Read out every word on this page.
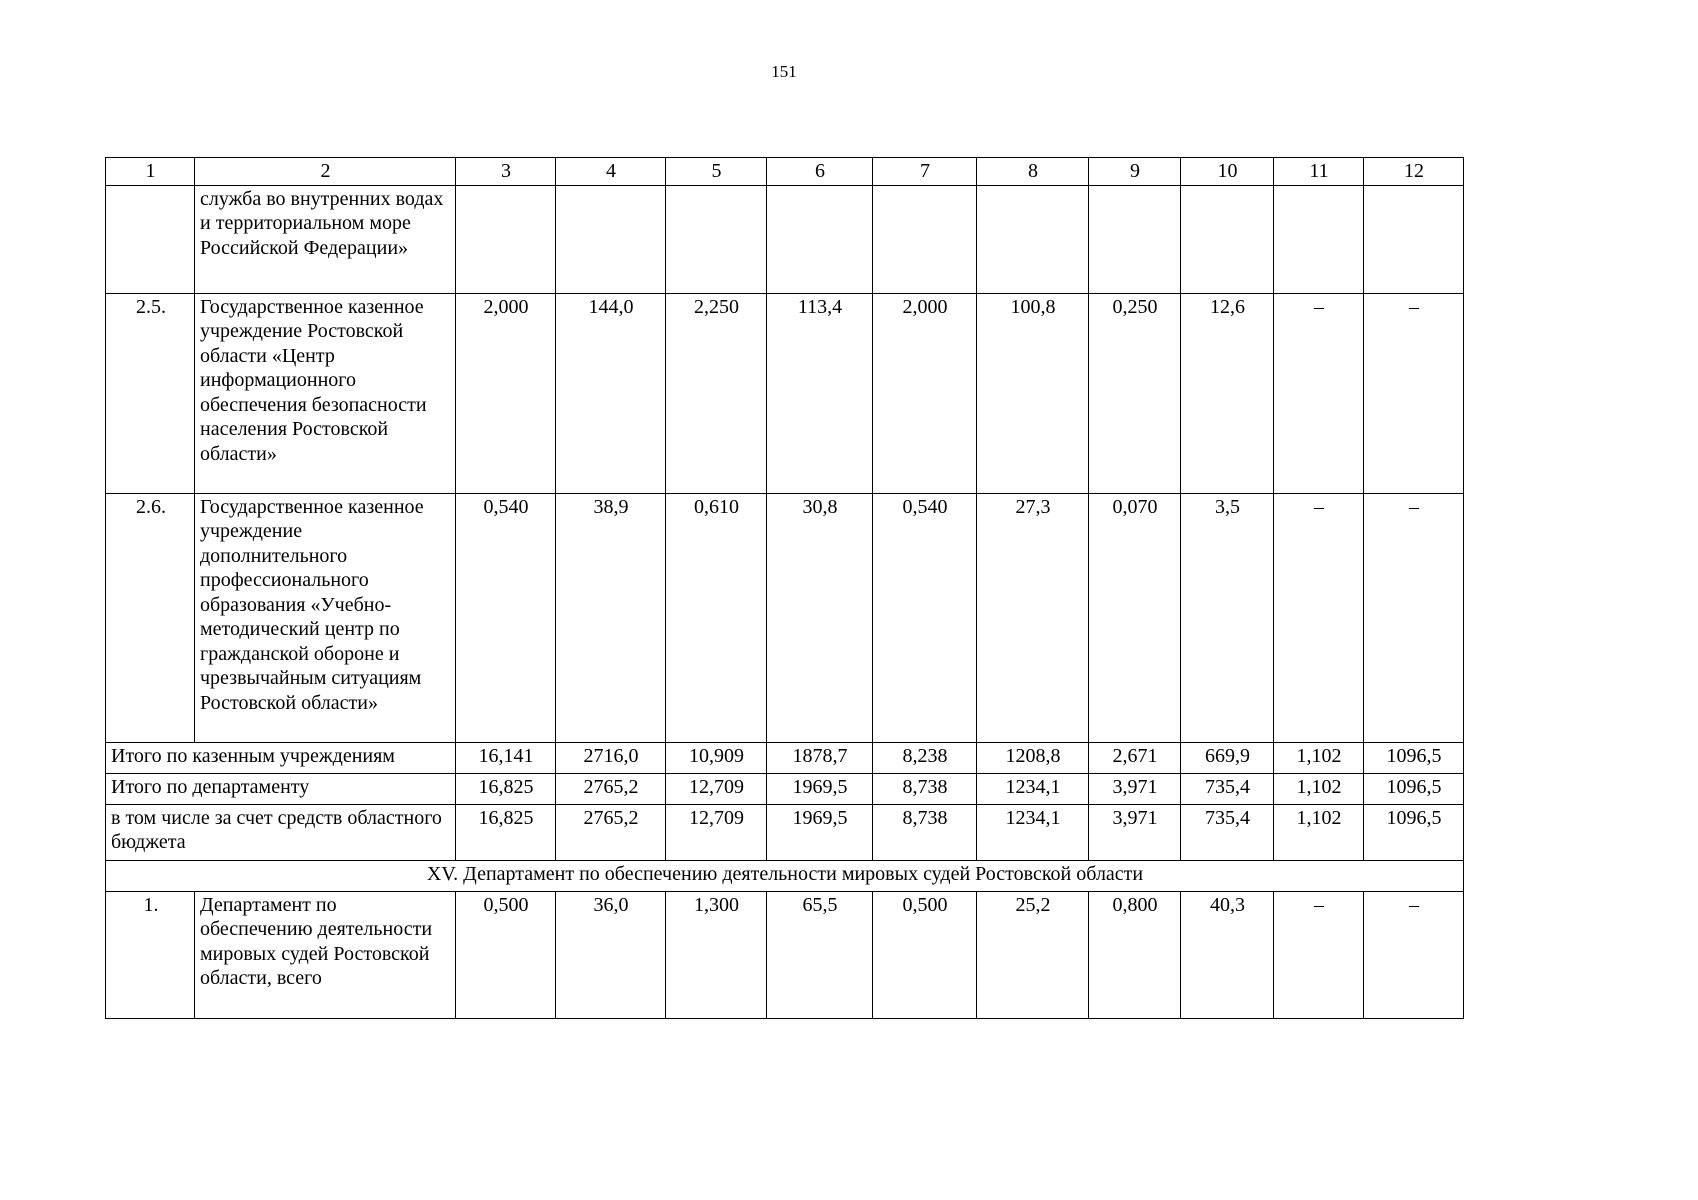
151
1	2	3	4	5	6	7	8	9	10	11	12
	служба во внутренних водах и территориальном море Российской Федерации»										
2.5.	Государственное казенное учреждение Ростовской области «Центр информационного обеспечения безопасности населения Ростовской области»	2,000	144,0	2,250	113,4	2,000	100,8	0,250	12,6	–	–
2.6.	Государственное казенное учреждение дополнительного профессионального образования «Учебно-методический центр по гражданской обороне и чрезвычайным ситуациям Ростовской области»	0,540	38,9	0,610	30,8	0,540	27,3	0,070	3,5	–	–
Итого по казенным учреждениям		16,141	2716,0	10,909	1878,7	8,238	1208,8	2,671	669,9	1,102	1096,5
Итого по департаменту		16,825	2765,2	12,709	1969,5	8,738	1234,1	3,971	735,4	1,102	1096,5
в том числе за счет средств областного бюджета		16,825	2765,2	12,709	1969,5	8,738	1234,1	3,971	735,4	1,102	1096,5
XV. Департамент по обеспечению деятельности мировых судей Ростовской области											
1.	Департамент по обеспечению деятельности мировых судей Ростовской области, всего	0,500	36,0	1,300	65,5	0,500	25,2	0,800	40,3	–	–
